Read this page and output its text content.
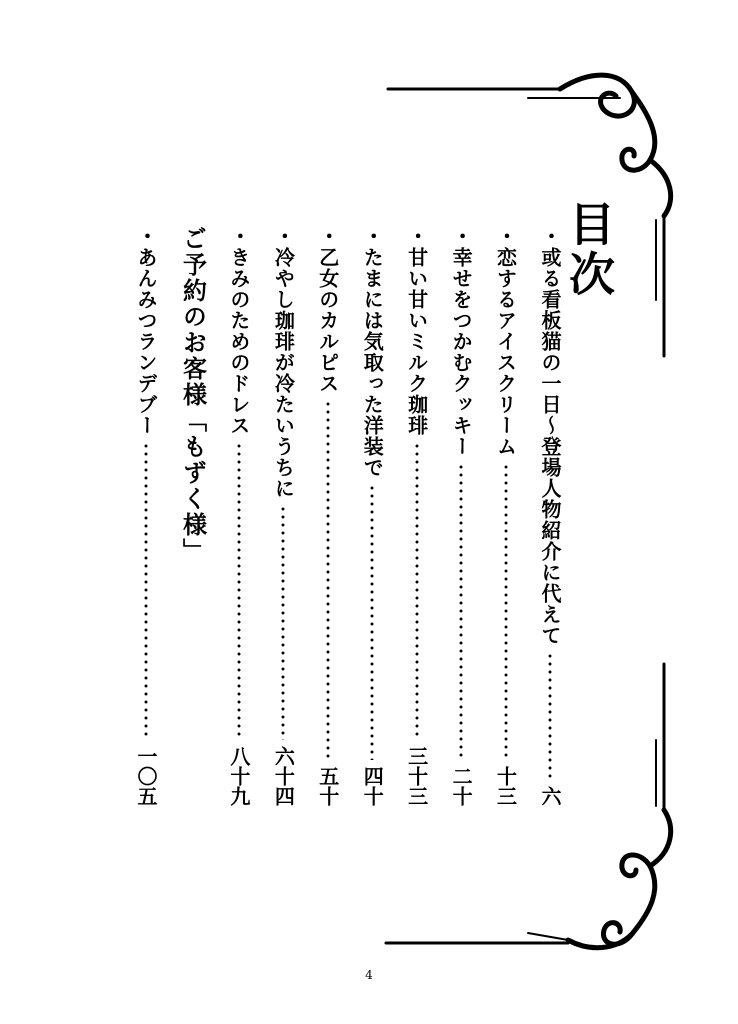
目次
・或る看板猫の一日～登場人物紹介に代えて
六
・恋するアイスクリーム
十三
・幸せをつかむクッキー
二十
・甘い甘いミルク珈琲
三十三
・たまには気取った洋装で
四十
・乙女のカルピス
五十
・冷やし珈琲が冷たいうちに
六十四
・きみのためのドレス
八十九
ご予約のお客様「もずく様」
・あんみつランデブー
一〇五
4
